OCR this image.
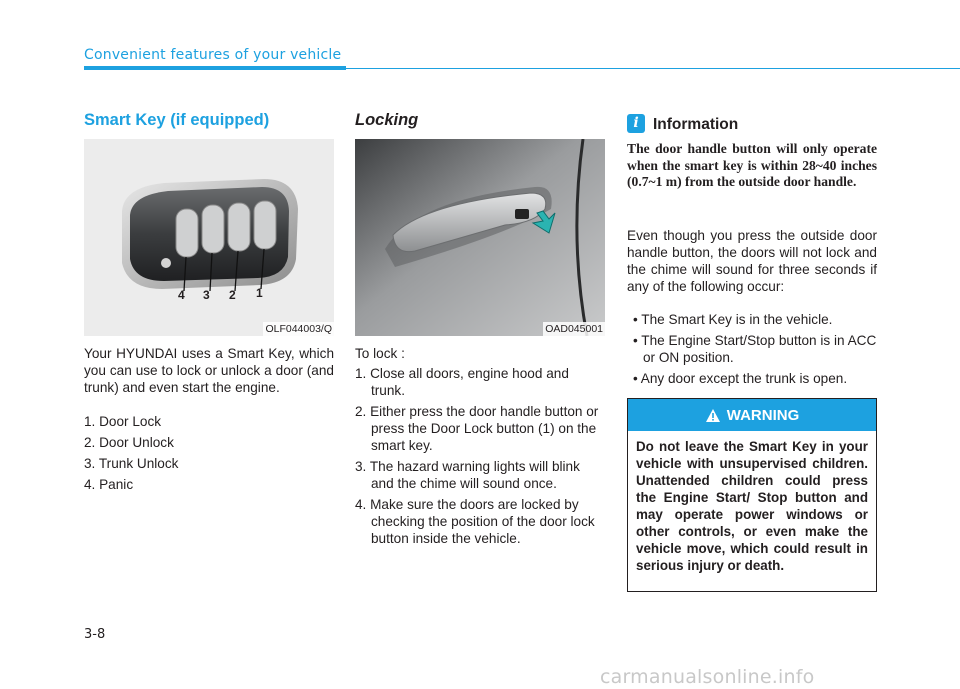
Convenient features of your vehicle
Smart Key (if equipped)
4 3 2 1
OLF044003/Q
Your HYUNDAI uses a Smart Key, which you can use to lock or unlock a door (and trunk) and even start the engine.
1. Door Lock
2. Door Unlock
3. Trunk Unlock
4. Panic
Locking
OAD045001
To lock :
1. Close all doors, engine hood and trunk.
2. Either press the door handle button or press the Door Lock button (1) on the smart key.
3. The hazard warning lights will blink and the chime will sound once.
4. Make sure the doors are locked by checking the position of the door lock button inside the vehicle.
i Information
The door handle button will only operate when the smart key is within 28~40 inches (0.7~1 m) from the outside door handle.
Even though you press the outside door handle button, the doors will not lock and the chime will sound for three seconds if any of the following occur:
• The Smart Key is in the vehicle.
• The Engine Start/Stop button is in ACC or ON position.
• Any door except the trunk is open.
WARNING
Do not leave the Smart Key in your vehicle with unsupervised children. Unattended children could press the Engine Start/ Stop button and may operate power windows or other controls, or even make the vehicle move, which could result in serious injury or death.
3-8
carmanualsonline.info
